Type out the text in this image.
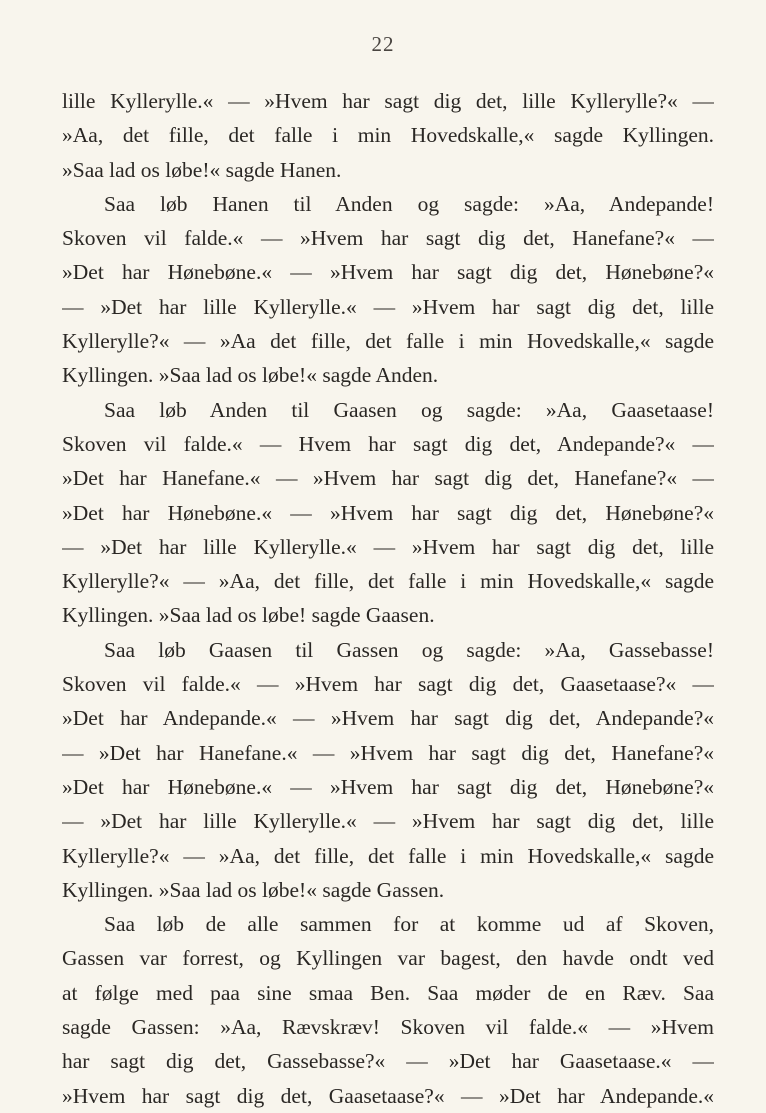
22
lille Kyllerylle.« — »Hvem har sagt dig det, lille Kyllerylle?« —
»Aa, det fille, det falle i min Hovedskalle,« sagde Kyllingen.
»Saa lad os løbe!« sagde Hanen.
Saa løb Hanen til Anden og sagde: »Aa, Andepande!
Skoven vil falde.« — »Hvem har sagt dig det, Hanefane?« —
»Det har Hønebøne.« — »Hvem har sagt dig det, Hønebøne?«
— »Det har lille Kyllerylle.« — »Hvem har sagt dig det, lille
Kyllerylle?« — »Aa det fille, det falle i min Hovedskalle,« sagde
Kyllingen. »Saa lad os løbe!« sagde Anden.
Saa løb Anden til Gaasen og sagde: »Aa, Gaasetaase!
Skoven vil falde.« — Hvem har sagt dig det, Andepande?« —
»Det har Hanefane.« — »Hvem har sagt dig det, Hanefane?« —
»Det har Hønebøne.« — »Hvem har sagt dig det, Hønebøne?«
— »Det har lille Kyllerylle.« — »Hvem har sagt dig det, lille
Kyllerylle?« — »Aa, det fille, det falle i min Hovedskalle,« sagde
Kyllingen. »Saa lad os løbe! sagde Gaasen.
Saa løb Gaasen til Gassen og sagde: »Aa, Gassebasse!
Skoven vil falde.« — »Hvem har sagt dig det, Gaasetaase?« —
»Det har Andepande.« — »Hvem har sagt dig det, Andepande?«
— »Det har Hanefane.« — »Hvem har sagt dig det, Hanefane?«
»Det har Hønebøne.« — »Hvem har sagt dig det, Hønebøne?«
— »Det har lille Kyllerylle.« — »Hvem har sagt dig det, lille
Kyllerylle?« — »Aa, det fille, det falle i min Hovedskalle,« sagde
Kyllingen. »Saa lad os løbe!« sagde Gassen.
Saa løb de alle sammen for at komme ud af Skoven,
Gassen var forrest, og Kyllingen var bagest, den havde ondt ved
at følge med paa sine smaa Ben. Saa møder de en Ræv. Saa
sagde Gassen: »Aa, Rævskræv! Skoven vil falde.« — »Hvem
har sagt dig det, Gassebasse?« — »Det har Gaasetaase.« —
»Hvem har sagt dig det, Gaasetaase?« — »Det har Andepande.«
